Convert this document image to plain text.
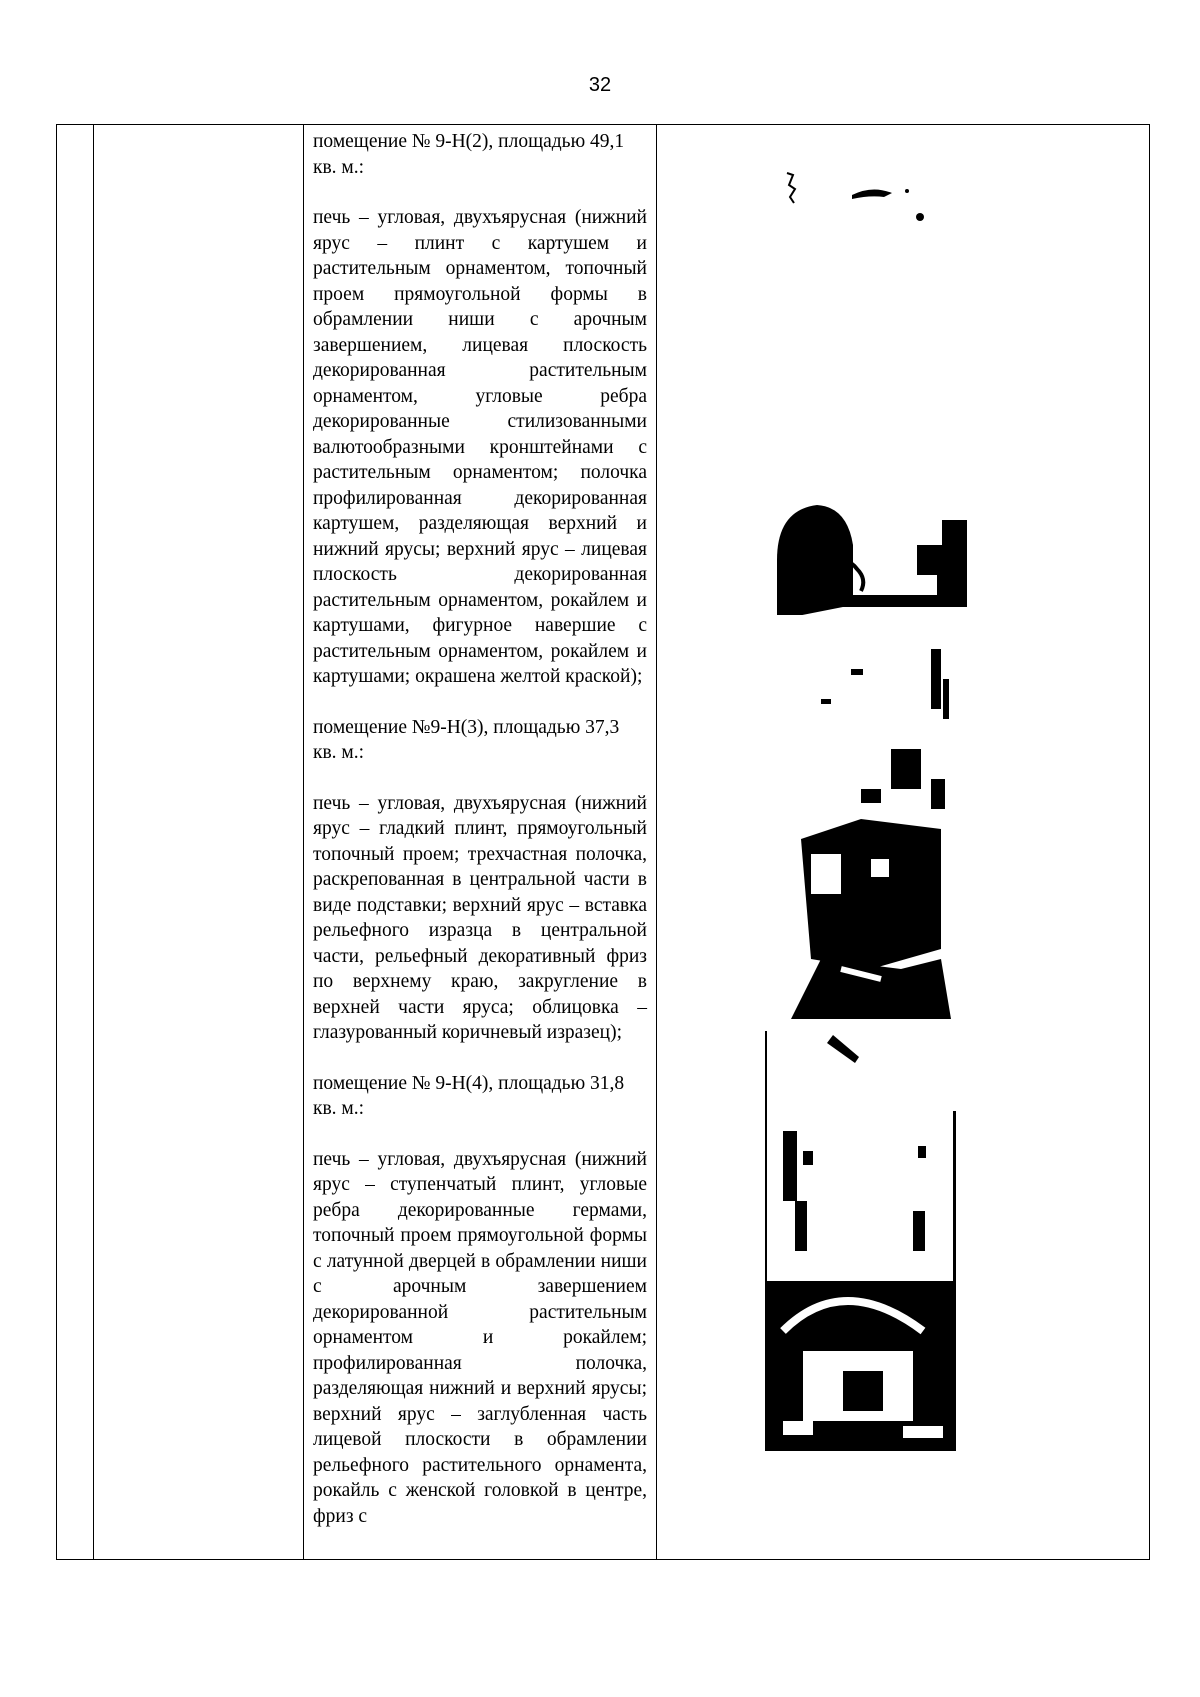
32

помещение № 9-Н(2), площадью 49,1 кв. м.:

печь – угловая, двухъярусная (нижний ярус – плинт с картушем и растительным орнаментом, топочный проем прямоугольной формы в обрамлении ниши с арочным завершением, лицевая плоскость декорированная растительным орнаментом, угловые ребра декорированные стилизованными валютообразными кронштейнами с растительным орнаментом; полочка профилированная декорированная картушем, разделяющая верхний и нижний ярусы; верхний ярус – лицевая плоскость декорированная растительным орнаментом, рокайлем и картушами, фигурное навершие с растительным орнаментом, рокайлем и картушами; окрашена желтой краской);

помещение №9-Н(3), площадью 37,3 кв. м.:

печь – угловая, двухъярусная (нижний ярус – гладкий плинт, прямоугольный топочный проем; трехчастная полочка, раскрепованная в центральной части в виде подставки; верхний ярус – вставка рельефного изразца в центральной части, рельефный декоративный фриз по верхнему краю, закругление в верхней части яруса; облицовка – глазурованный коричневый изразец);

помещение № 9-Н(4), площадью 31,8 кв. м.:

печь – угловая, двухъярусная (нижний ярус – ступенчатый плинт, угловые ребра декорированные гермами, топочный проем прямоугольной формы с латунной дверцей в обрамлении ниши с арочным завершением декорированной растительным орнаментом и рокайлем; профилированная полочка, разделяющая нижний и верхний ярусы; верхний ярус – заглубленная часть лицевой плоскости в обрамлении рельефного растительного орнамента, рокайль с женской головкой в центре, фриз с
